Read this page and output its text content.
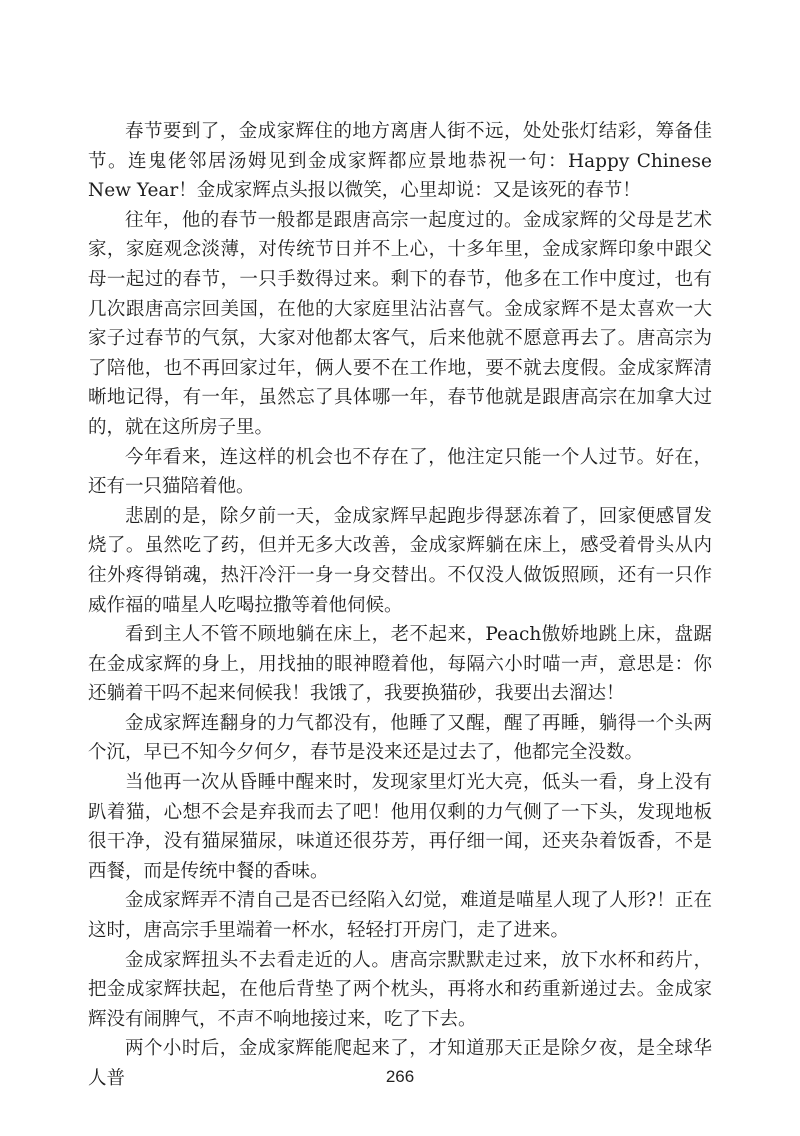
春节要到了，金成家辉住的地方离唐人街不远，处处张灯结彩，筹备佳节。连鬼佬邻居汤姆见到金成家辉都应景地恭祝一句：Happy Chinese New Year！金成家辉点头报以微笑，心里却说：又是该死的春节！

往年，他的春节一般都是跟唐高宗一起度过的。金成家辉的父母是艺术家，家庭观念淡薄，对传统节日并不上心，十多年里，金成家辉印象中跟父母一起过的春节，一只手数得过来。剩下的春节，他多在工作中度过，也有几次跟唐高宗回美国，在他的大家庭里沾沾喜气。金成家辉不是太喜欢一大家子过春节的气氛，大家对他都太客气，后来他就不愿意再去了。唐高宗为了陪他，也不再回家过年，俩人要不在工作地，要不就去度假。金成家辉清晰地记得，有一年，虽然忘了具体哪一年，春节他就是跟唐高宗在加拿大过的，就在这所房子里。

今年看来，连这样的机会也不存在了，他注定只能一个人过节。好在，还有一只猫陪着他。

悲剧的是，除夕前一天，金成家辉早起跑步得瑟冻着了，回家便感冒发烧了。虽然吃了药，但并无多大改善，金成家辉躺在床上，感受着骨头从内往外疼得销魂，热汗冷汗一身一身交替出。不仅没人做饭照顾，还有一只作威作福的喵星人吃喝拉撒等着他伺候。

看到主人不管不顾地躺在床上，老不起来，Peach傲娇地跳上床，盘踞在金成家辉的身上，用找抽的眼神瞪着他，每隔六小时喵一声，意思是：你还躺着干吗不起来伺候我！我饿了，我要换猫砂，我要出去溜达！

金成家辉连翻身的力气都没有，他睡了又醒，醒了再睡，躺得一个头两个沉，早已不知今夕何夕，春节是没来还是过去了，他都完全没数。

当他再一次从昏睡中醒来时，发现家里灯光大亮，低头一看，身上没有趴着猫，心想不会是弃我而去了吧！他用仅剩的力气侧了一下头，发现地板很干净，没有猫屎猫尿，味道还很芬芳，再仔细一闻，还夹杂着饭香，不是西餐，而是传统中餐的香味。

金成家辉弄不清自己是否已经陷入幻觉，难道是喵星人现了人形?！正在这时，唐高宗手里端着一杯水，轻轻打开房门，走了进来。

金成家辉扭头不去看走近的人。唐高宗默默走过来，放下水杯和药片，把金成家辉扶起，在他后背垫了两个枕头，再将水和药重新递过去。金成家辉没有闹脾气，不声不响地接过来，吃了下去。

两个小时后，金成家辉能爬起来了，才知道那天正是除夕夜，是全球华人普	266
